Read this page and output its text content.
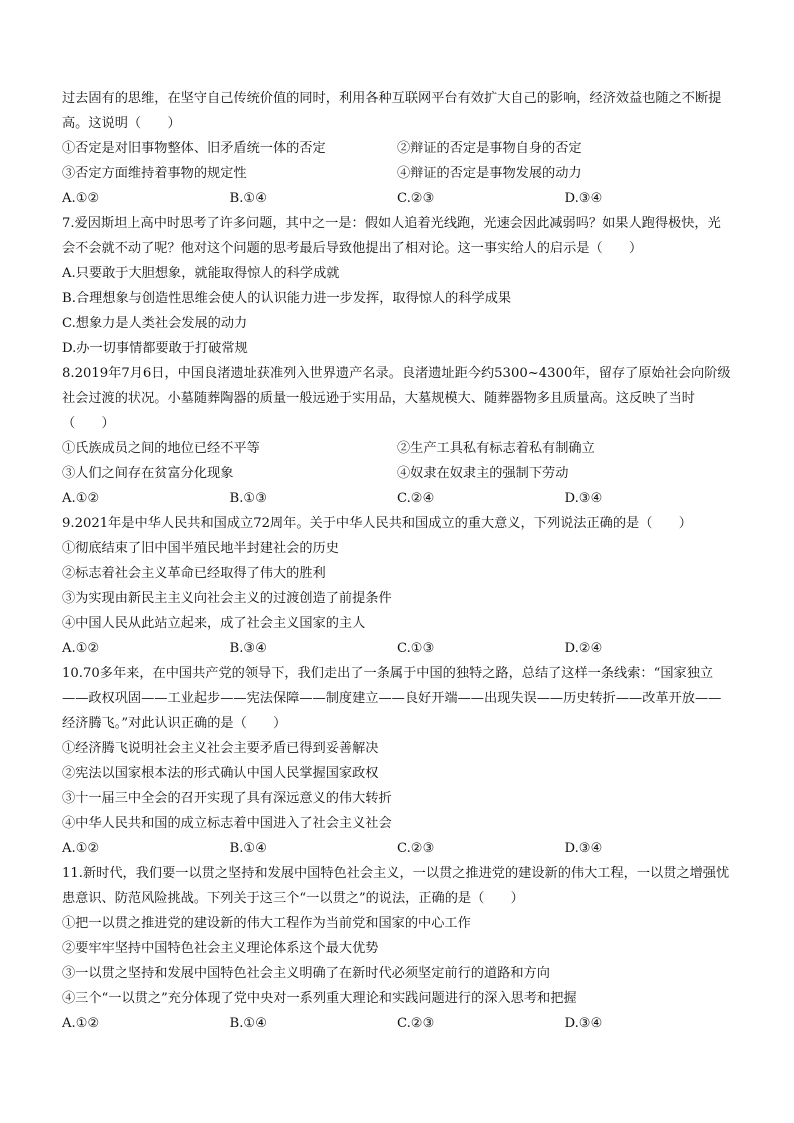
过去固有的思维，在坚守自己传统价值的同时，利用各种互联网平台有效扩大自己的影响，经济效益也随之不断提高。这说明（　　）
①否定是对旧事物整体、旧矛盾统一体的否定	②辩证的否定是事物自身的否定
③否定方面维持着事物的规定性	④辩证的否定是事物发展的动力
A.①②	B.①④	C.②③	D.③④
7.爱因斯坦上高中时思考了许多问题，其中之一是：假如人追着光线跑，光速会因此减弱吗？如果人跑得极快，光会不会就不动了呢？他对这个问题的思考最后导致他提出了相对论。这一事实给人的启示是（　　）
A.只要敢于大胆想象，就能取得惊人的科学成就
B.合理想象与创造性思维会使人的认识能力进一步发挥，取得惊人的科学成果
C.想象力是人类社会发展的动力
D.办一切事情都要敢于打破常规
8.2019年7月6日，中国良渚遗址获准列入世界遗产名录。良渚遗址距今约5300~4300年，留存了原始社会向阶级社会过渡的状况。小墓随葬陶器的质量一般远逊于实用品，大墓规模大、随葬器物多且质量高。这反映了当时（　　）
①氏族成员之间的地位已经不平等	②生产工具私有标志着私有制确立
③人们之间存在贫富分化现象	④奴隶在奴隶主的强制下劳动
A.①②	B.①③	C.②④	D.③④
9.2021年是中华人民共和国成立72周年。关于中华人民共和国成立的重大意义，下列说法正确的是（　　）
①彻底结束了旧中国半殖民地半封建社会的历史
②标志着社会主义革命已经取得了伟大的胜利
③为实现由新民主主义向社会主义的过渡创造了前提条件
④中国人民从此站立起来，成了社会主义国家的主人
A.①②	B.③④	C.①③	D.②④
10.70多年来，在中国共产党的领导下，我们走出了一条属于中国的独特之路，总结了这样一条线索：“国家独立——政权巩固——工业起步——宪法保障——制度建立——良好开端——出现失误——历史转折——改革开放——经济腾飞。”对此认识正确的是（　　）
①经济腾飞说明社会主义社会主要矛盾已得到妥善解决
②宪法以国家根本法的形式确认中国人民掌握国家政权
③十一届三中全会的召开实现了具有深远意义的伟大转折
④中华人民共和国的成立标志着中国进入了社会主义社会
A.①②	B.①④	C.②③	D.③④
11.新时代，我们要一以贯之坚持和发展中国特色社会主义，一以贯之推进党的建设新的伟大工程，一以贯之增强忧患意识、防范风险挑战。下列关于这三个“一以贯之”的说法，正确的是（　　）
①把一以贯之推进党的建设新的伟大工程作为当前党和国家的中心工作
②要牢牢坚持中国特色社会主义理论体系这个最大优势
③一以贯之坚持和发展中国特色社会主义明确了在新时代必须坚定前行的道路和方向
④三个“一以贯之”充分体现了党中央对一系列重大理论和实践问题进行的深入思考和把握
A.①②	B.①④	C.②③	D.③④
